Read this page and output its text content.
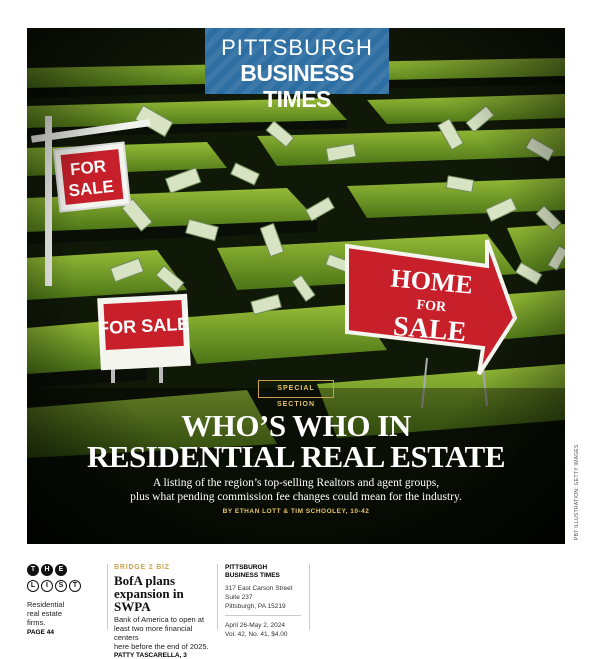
PITTSBURGH
BUSINESS TIMES
SPECIAL SECTION
WHO’S WHO IN
RESIDENTIAL REAL ESTATE
A listing of the region’s top-selling Realtors and agent groups,
plus what pending commission fee changes could mean for the industry.
BY ETHAN LOTT & TIM SCHOOLEY, 10-42	PBT ILLUSTRATION; GETTY IMAGES
T	H	E
L	I	S	T
Residential
real estate
firms.
PAGE 44
BRIDGE 2 BIZ
BofA plans
expansion in SWPA
Bank of America to open at
least two more financial centers
here before the end of 2025.
PATTY TASCARELLA, 3
PITTSBURGH
BUSINESS TIMES
317 East Carson Street
Suite 237
Pittsburgh, PA 15219
April 26-May 2, 2024
Vol. 42, No. 41, $4.00
